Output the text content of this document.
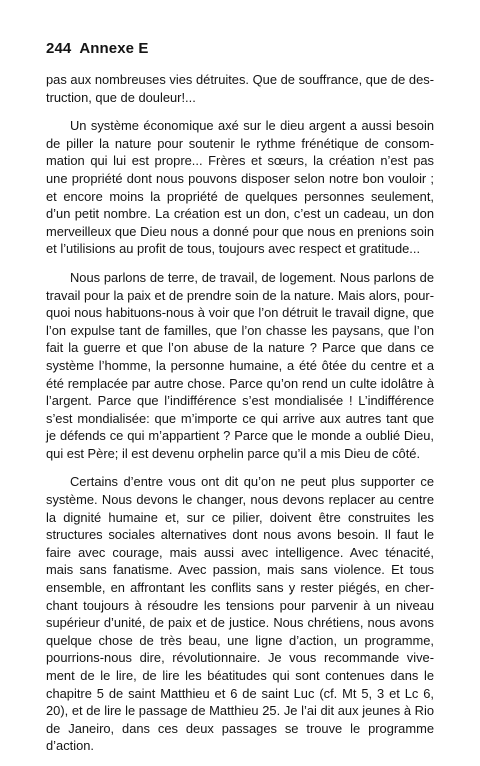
244 Annexe E

pas aux nombreuses vies détruites. Que de souffrance, que de destruction, que de douleur!...

Un système économique axé sur le dieu argent a aussi besoin de piller la nature pour soutenir le rythme frénétique de consommation qui lui est propre... Frères et sœurs, la création n’est pas une propriété dont nous pouvons disposer selon notre bon vouloir ; et encore moins la propriété de quelques personnes seulement, d’un petit nombre. La création est un don, c’est un cadeau, un don merveilleux que Dieu nous a donné pour que nous en prenions soin et l’utilisions au profit de tous, toujours avec respect et gratitude...

Nous parlons de terre, de travail, de logement. Nous parlons de travail pour la paix et de prendre soin de la nature. Mais alors, pourquoi nous habituons-nous à voir que l’on détruit le travail digne, que l’on expulse tant de familles, que l’on chasse les paysans, que l’on fait la guerre et que l’on abuse de la nature ? Parce que dans ce système l’homme, la personne humaine, a été ôtée du centre et a été remplacée par autre chose. Parce qu’on rend un culte idolâtre à l’argent. Parce que l’indifférence s’est mondialisée ! L’indifférence s’est mondialisée: que m’importe ce qui arrive aux autres tant que je défends ce qui m’appartient ? Parce que le monde a oublié Dieu, qui est Père; il est devenu orphelin parce qu’il a mis Dieu de côté.

Certains d’entre vous ont dit qu’on ne peut plus supporter ce système. Nous devons le changer, nous devons replacer au centre la dignité humaine et, sur ce pilier, doivent être construites les structures sociales alternatives dont nous avons besoin. Il faut le faire avec courage, mais aussi avec intelligence. Avec ténacité, mais sans fanatisme. Avec passion, mais sans violence. Et tous ensemble, en affrontant les conflits sans y rester piégés, en cherchant toujours à résoudre les tensions pour parvenir à un niveau supérieur d’unité, de paix et de justice. Nous chrétiens, nous avons quelque chose de très beau, une ligne d’action, un programme, pourrions-nous dire, révolutionnaire. Je vous recommande vivement de le lire, de lire les béatitudes qui sont contenues dans le chapitre 5 de saint Matthieu et 6 de saint Luc (cf. Mt 5, 3 et Lc 6, 20), et de lire le passage de Matthieu 25. Je l’ai dit aux jeunes à Rio de Janeiro, dans ces deux passages se trouve le programme d’action.
